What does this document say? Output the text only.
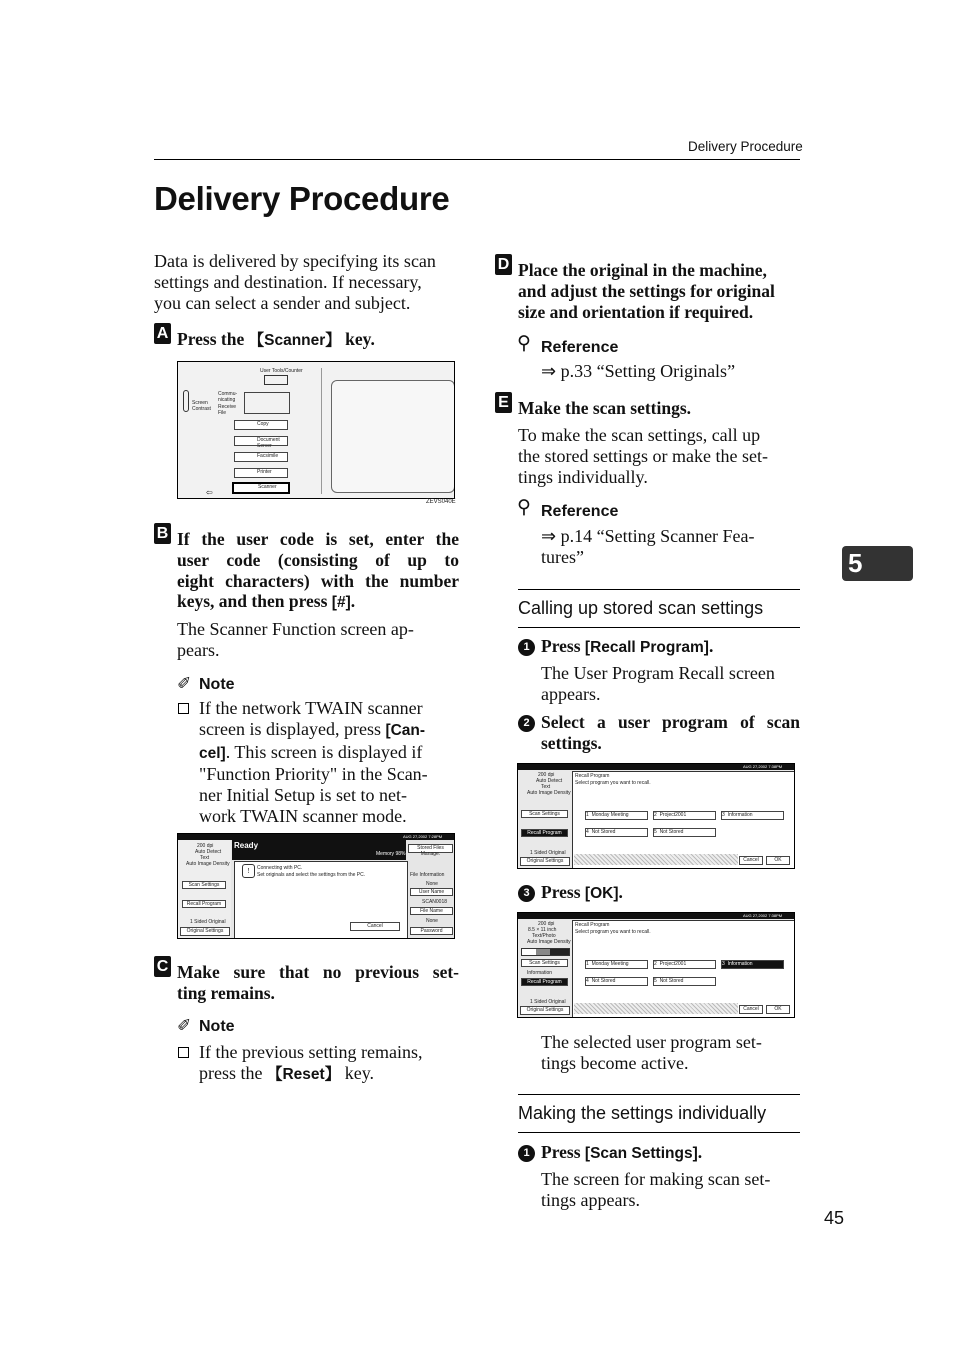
Delivery Procedure
Delivery Procedure
Data is delivered by specifying its scan
settings and destination. If necessary,
you can select a sender and subject.
A Press the 【Scanner】 key.
User Tools/Counter
Screen Contrast
Commu-nicating
Receive File
Copy
Document Server
Facsimile
Printer
Scanner
⇦
ZEVS040E
B If the user code is set, enter the
user code (consisting of up to
eight characters) with the number
keys, and then press [#].
The Scanner Function screen ap-
pears.
✐ Note
If the network TWAIN scanner
screen is displayed, press [Can-
cel]. This screen is displayed if
"Function Priority" in the Scan-
ner Initial Setup is set to net-
work TWAIN scanner mode.
AUG 27,2002 7:28PM
200 dpi
Auto Detect
Text
Auto Image Density
Scan Settings
Recall Program
1 Sided Original
Original Settings
Ready
Memory 98%
!	Connecting with PC.
Set originals and select the settings from the PC.
Cancel
Stored Files Manage.
File Information
None
User Name
SCAN0018
File Name
None
Password
C Make sure that no previous set-
ting remains.
✐ Note
If the previous setting remains,
press the 【Reset】 key.
D Place the original in the machine,
and adjust the settings for original
size and orientation if required.
⚲ Reference
⇒ p.33 “Setting Originals”
E Make the scan settings.
To make the scan settings, call up
the stored settings or make the set-
tings individually.
⚲ Reference
⇒ p.14 “Setting Scanner Fea-
tures”
Calling up stored scan settings
1 Press [Recall Program].
The User Program Recall screen
appears.
2 Select a user program of scan
settings.
AUG 27,2002 7:38PM
200 dpi
Auto Detect
Text
Auto Image Density
Scan Settings
Recall Program
1 Sided Original
Original Settings
Recall Program
Select program you want to recall.
1 Monday Meeting	2 Project2001	3 Information
4 Not Stored	5 Not Stored
Cancel	OK
3 Press [OK].
AUG 27,2002 7:38PM
200 dpi
8.5 × 11 inch
Text/Photo
Auto Image Density
Scan Settings
Information
Recall Program
1 Sided Original
Original Settings
Recall Program
Select program you want to recall.
1 Monday Meeting	2 Project2001	3 Information
4 Not Stored	5 Not Stored
Cancel	OK
The selected user program set-
tings become active.
Making the settings individually
1 Press [Scan Settings].
The screen for making scan set-
tings appears.
5
45
